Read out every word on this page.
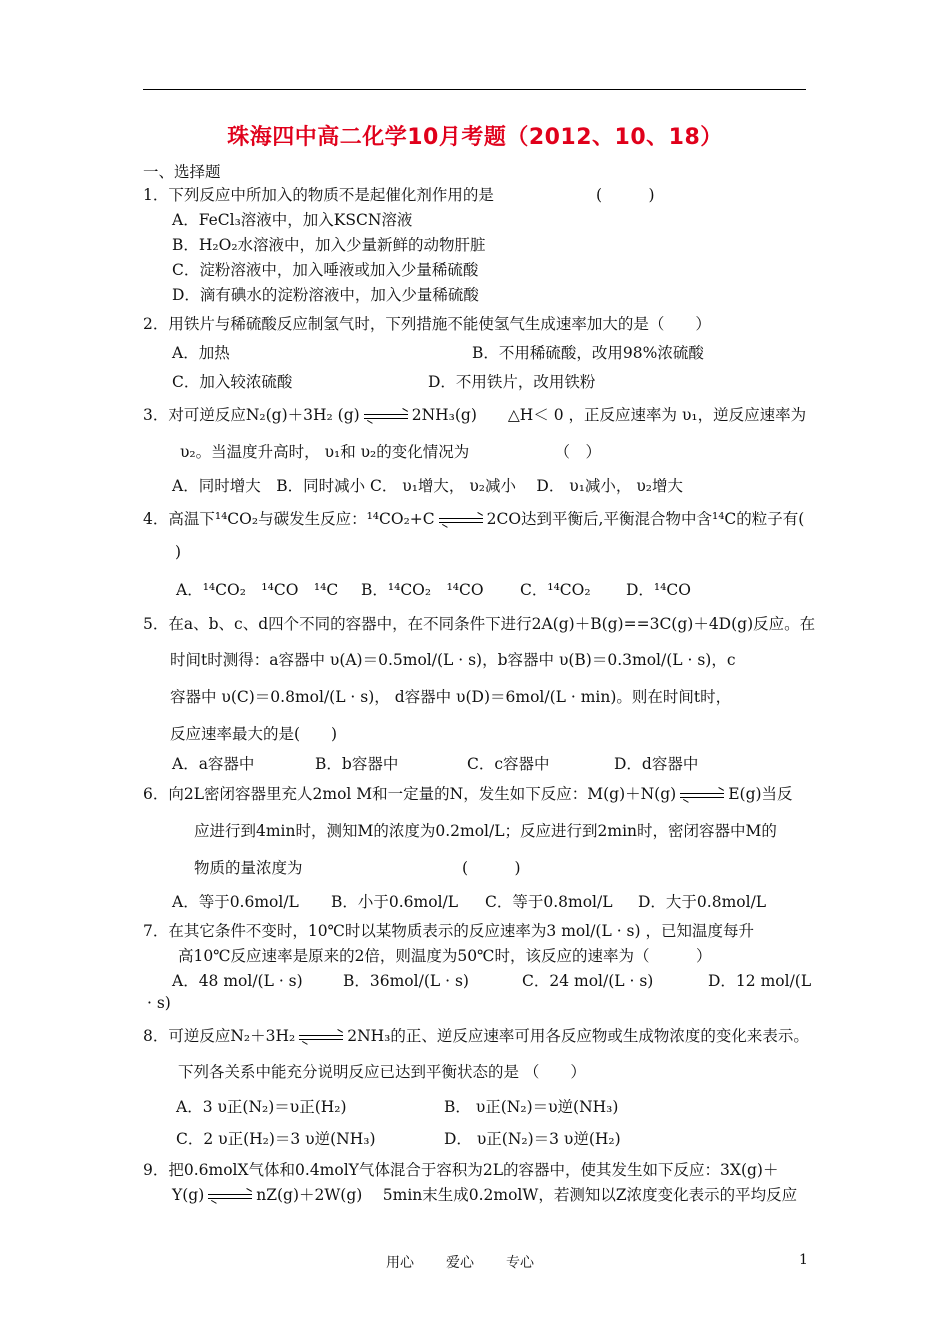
珠海四中高二化学10月考题（2012、10、18）
一、选择题
1．下列反应中所加入的物质不是起催化剂作用的是	(　　　)
A．FeCl₃溶液中，加入KSCN溶液
B．H₂O₂水溶液中，加入少量新鲜的动物肝脏
C．淀粉溶液中，加入唾液或加入少量稀硫酸
D．滴有碘水的淀粉溶液中，加入少量稀硫酸
2．用铁片与稀硫酸反应制氢气时，下列措施不能使氢气生成速率加大的是（　　）
A．加热	B．不用稀硫酸，改用98%浓硫酸
C．加入较浓硫酸	D．不用铁片，改用铁粉
3．对可逆反应N₂(g)＋3H₂ (g)	2NH₃(g)　　△H＜ 0 ，正反应速率为 υ₁，逆反应速率为
υ₂。当温度升高时， υ₁和 υ₂的变化情况为　　　　　　（　）
A．同时增大　B．同时减小 C． υ₁增大， υ₂减小　 D． υ₁减小， υ₂增大
4．高温下¹⁴CO₂与碳发生反应：¹⁴CO₂+C	2CO达到平衡后,平衡混合物中含¹⁴C的粒子有(
)
A．¹⁴CO₂　¹⁴CO　¹⁴C B．¹⁴CO₂　¹⁴CO C．¹⁴CO₂ D．¹⁴CO
5．在a、b、c、d四个不同的容器中，在不同条件下进行2A(g)＋B(g)==3C(g)＋4D(g)反应。在
时间t时测得：a容器中 υ(A)＝0.5mol/(L · s)，b容器中 υ(B)＝0.3mol/(L · s)，c
容器中 υ(C)＝0.8mol/(L · s)， d容器中 υ(D)＝6mol/(L · min)。则在时间t时，
反应速率最大的是(　　)
A．a容器中	B．b容器中	C．c容器中	D．d容器中
6．向2L密闭容器里充人2mol M和一定量的N，发生如下反应：M(g)＋N(g)	E(g)当反
应进行到4min时，测知M的浓度为0.2mol/L；反应进行到2min时，密闭容器中M的
物质的量浓度为	(　　　)
A．等于0.6mol/L B．小于0.6mol/L C．等于0.8mol/L D．大于0.8mol/L
7．在其它条件不变时，10℃时以某物质表示的反应速率为3 mol/(L · s) ，已知温度每升
高10℃反应速率是原来的2倍，则温度为50℃时，该反应的速率为（　　　）
A．48 mol/(L · s)	B．36mol/(L · s)	C．24 mol/(L · s)	D．12 mol/(L
· s)
8．可逆反应N₂＋3H₂	2NH₃的正、逆反应速率可用各反应物或生成物浓度的变化来表示。
下列各关系中能充分说明反应已达到平衡状态的是 （　　）
A．3 υ正(N₂)＝υ正(H₂)	B． υ正(N₂)＝υ逆(NH₃)
C．2 υ正(H₂)＝3 υ逆(NH₃)	D． υ正(N₂)＝3 υ逆(H₂)
9．把0.6molX气体和0.4molY气体混合于容积为2L的容器中，使其发生如下反应：3X(g)＋
Y(g)	nZ(g)＋2W(g)　 5min末生成0.2molW，若测知以Z浓度变化表示的平均反应
用心 爱心 专心	1
